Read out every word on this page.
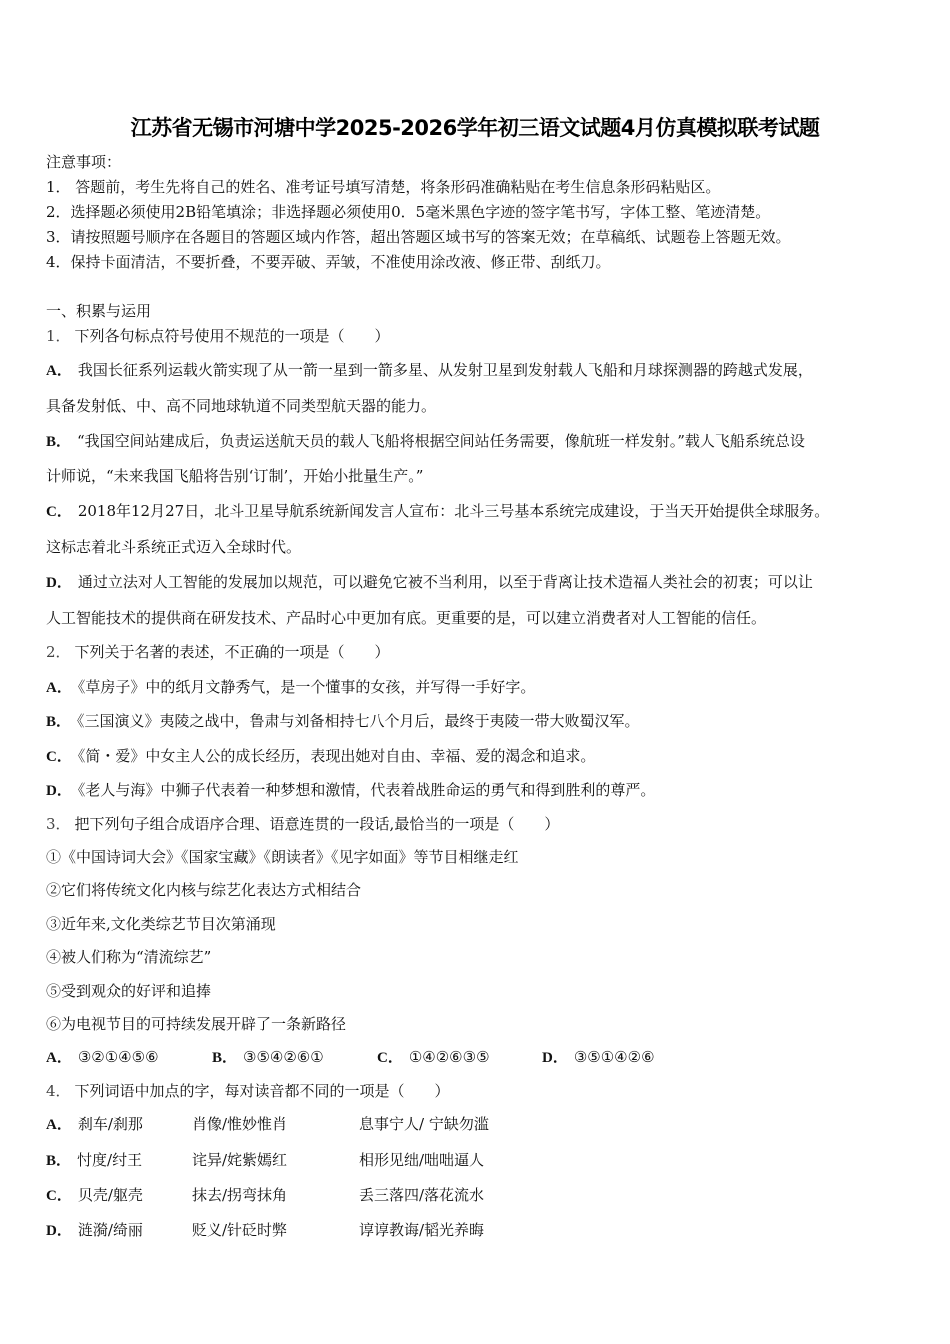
江苏省无锡市河塘中学2025-2026学年初三语文试题4月仿真模拟联考试题
注意事项：
1． 答题前，考生先将自己的姓名、准考证号填写清楚，将条形码准确粘贴在考生信息条形码粘贴区。
2．选择题必须使用2B铅笔填涂；非选择题必须使用0．5毫米黑色字迹的签字笔书写，字体工整、笔迹清楚。
3．请按照题号顺序在各题目的答题区域内作答，超出答题区域书写的答案无效；在草稿纸、试题卷上答题无效。
4．保持卡面清洁，不要折叠，不要弄破、弄皱，不准使用涂改液、修正带、刮纸刀。
一、积累与运用
1． 下列各句标点符号使用不规范的一项是（　　）
A． 我国长征系列运载火箭实现了从一箭一星到一箭多星、从发射卫星到发射载人飞船和月球探测器的跨越式发展，
具备发射低、中、高不同地球轨道不同类型航天器的能力。
B． “我国空间站建成后，负责运送航天员的载人飞船将根据空间站任务需要，像航班一样发射。”载人飞船系统总设
计师说，“未来我国飞船将告别‘订制’，开始小批量生产。”
C． 2018年12月27日，北斗卫星导航系统新闻发言人宣布：北斗三号基本系统完成建设，于当天开始提供全球服务。
这标志着北斗系统正式迈入全球时代。
D． 通过立法对人工智能的发展加以规范，可以避免它被不当利用，以至于背离让技术造福人类社会的初衷；可以让
人工智能技术的提供商在研发技术、产品时心中更加有底。更重要的是，可以建立消费者对人工智能的信任。
2． 下列关于名著的表述，不正确的一项是（　　）
A． 《草房子》中的纸月文静秀气，是一个懂事的女孩，并写得一手好字。
B． 《三国演义》夷陵之战中，鲁肃与刘备相持七八个月后，最终于夷陵一带大败蜀汉军。
C． 《简・爱》中女主人公的成长经历，表现出她对自由、幸福、爱的渴念和追求。
D． 《老人与海》中狮子代表着一种梦想和激情，代表着战胜命运的勇气和得到胜利的尊严。
3． 把下列句子组合成语序合理、语意连贯的一段话,最恰当的一项是（　　）
①《中国诗词大会》《国家宝藏》《朗读者》《见字如面》等节目相继走红
②它们将传统文化内核与综艺化表达方式相结合
③近年来,文化类综艺节目次第涌现
④被人们称为“清流综艺”
⑤受到观众的好评和追捧
⑥为电视节目的可持续发展开辟了一条新路径
A． ③②①④⑤⑥	B． ③⑤④②⑥①	C． ①④②⑥③⑤	D． ③⑤①④②⑥
4． 下列词语中加点的字，每对读音都不同的一项是（　　）
A． 刹车/刹那	肖像/惟妙惟肖	息事宁人/ 宁缺勿滥
B． 忖度/纣王	诧异/姹紫嫣红	相形见绌/咄咄逼人
C． 贝壳/躯壳	抹去/拐弯抹角	丢三落四/落花流水
D． 涟漪/绮丽	贬义/针砭时弊	谆谆教诲/韬光养晦
